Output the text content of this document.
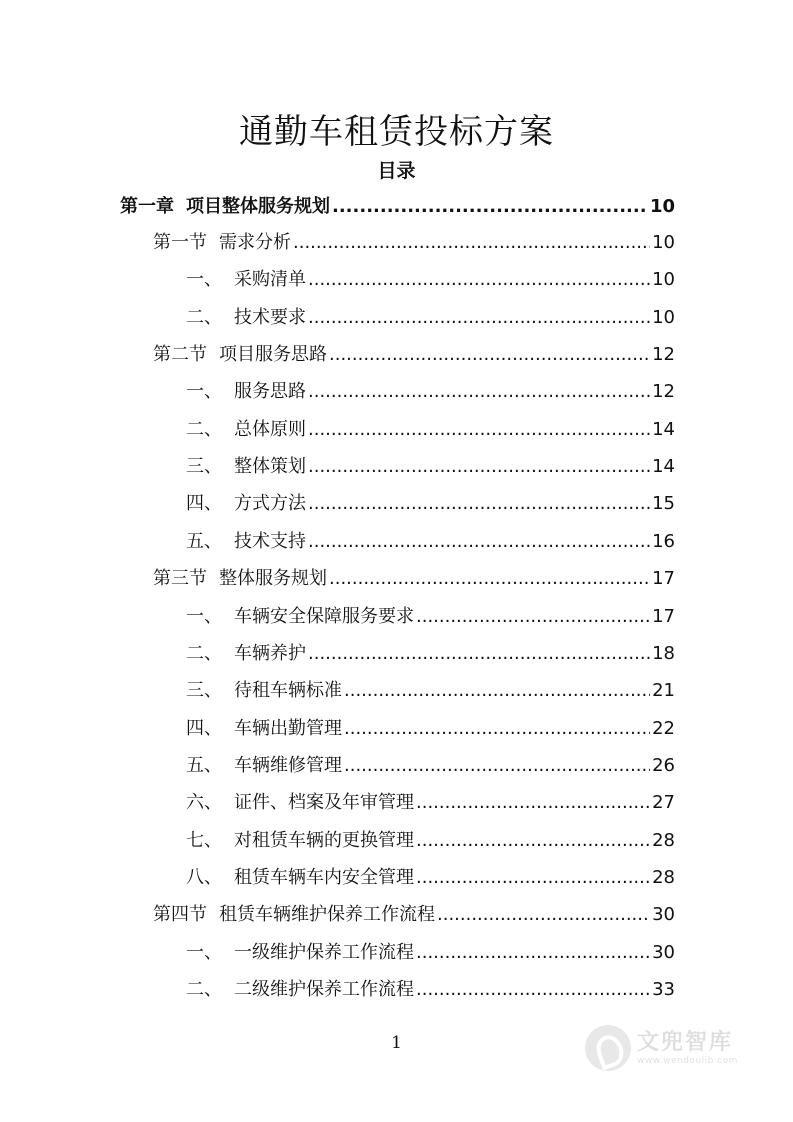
通勤车租赁投标方案
目录
第一章 项目整体服务规划 .....	10
第一节 需求分析 .....	10
一、 采购清单 .....	10
二、 技术要求 .....	10
第二节 项目服务思路 .....	12
一、 服务思路 .....	12
二、 总体原则 .....	14
三、 整体策划 .....	14
四、 方式方法 .....	15
五、 技术支持 .....	16
第三节 整体服务规划 .....	17
一、 车辆安全保障服务要求 .....	17
二、 车辆养护 .....	18
三、 待租车辆标准 .....	21
四、 车辆出勤管理 .....	22
五、 车辆维修管理 .....	26
六、 证件、档案及年审管理 .....	27
七、 对租赁车辆的更换管理 .....	28
八、 租赁车辆车内安全管理 .....	28
第四节 租赁车辆维护保养工作流程 .....	30
一、 一级维护保养工作流程 .....	30
二、 二级维护保养工作流程 .....	33
1	文兜智库
www.wendoulib.com
